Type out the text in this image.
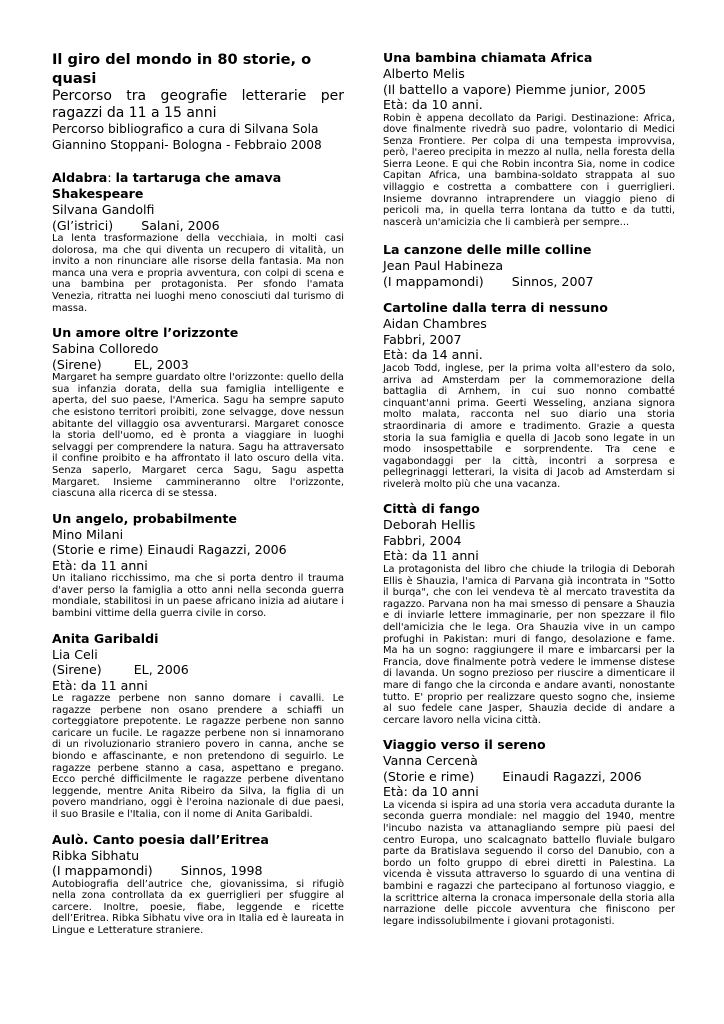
Il giro del mondo in 80 storie, o quasi

Percorso tra geografie letterarie per ragazzi da 11 a 15 anni

Percorso bibliografico a cura di Silvana Sola

Giannino Stoppani- Bologna - Febbraio 2008

Aldabra: la tartaruga che amava Shakespeare

Silvana Gandolfi

(Gl’istrici)       Salani, 2006

La lenta trasformazione della vecchiaia, in molti casi dolorosa, ma che qui diventa un recupero di vitalità, un invito a non rinunciare alle risorse della fantasia. Ma non manca una vera e propria avventura, con colpi di scena e una bambina per protagonista. Per sfondo l'amata Venezia, ritratta nei luoghi meno conosciuti dal turismo di massa.

Un amore oltre l’orizzonte

Sabina Colloredo

(Sirene)        EL, 2003

Margaret ha sempre guardato oltre l'orizzonte: quello della sua infanzia dorata, della sua famiglia intelligente e aperta, del suo paese, l'America. Sagu ha sempre saputo che esistono territori proibiti, zone selvagge, dove nessun abitante del villaggio osa avventurarsi. Margaret conosce la storia dell'uomo, ed è pronta a viaggiare in luoghi selvaggi per comprendere la natura. Sagu ha attraversato il confine proibito e ha affrontato il lato oscuro della vita. Senza saperlo, Margaret cerca Sagu, Sagu aspetta Margaret. Insieme cammineranno oltre l'orizzonte, ciascuna alla ricerca di se stessa.

Un angelo, probabilmente

Mino Milani

(Storie e rime) Einaudi Ragazzi, 2006

Età: da 11 anni

Un italiano ricchissimo, ma che si porta dentro il trauma d'aver perso la famiglia a otto anni nella seconda guerra mondiale, stabilitosi in un paese africano inizia ad aiutare i bambini vittime della guerra civile in corso.

Anita Garibaldi

Lia Celi

(Sirene)        EL, 2006

Età: da 11 anni

Le ragazze perbene non sanno domare i cavalli. Le ragazze perbene non osano prendere a schiaffi un corteggiatore prepotente. Le ragazze perbene non sanno caricare un fucile. Le ragazze perbene non si innamorano di un rivoluzionario straniero povero in canna, anche se biondo e affascinante, e non pretendono di seguirlo. Le ragazze perbene stanno a casa, aspettano e pregano. Ecco perché difficilmente le ragazze perbene diventano leggende, mentre Anita Ribeiro da Silva, la figlia di un povero mandriano, oggi è l'eroina nazionale di due paesi, il suo Brasile e l'Italia, con il nome di Anita Garibaldi.

Aulò. Canto poesia dall’Eritrea

Ribka Sibhatu

(I mappamondi)       Sinnos, 1998

Autobiografia dell’autrice che, giovanissima, si rifugiò nella zona controllata da ex guerriglieri per sfuggire al carcere. Inoltre, poesie, fiabe, leggende e ricette dell’Eritrea. Ribka Sibhatu vive ora in Italia ed è laureata in Lingue e Letterature straniere.

Una bambina chiamata Africa

Alberto Melis

(Il battello a vapore) Piemme junior, 2005

Età: da 10 anni.

Robin è appena decollato da Parigi. Destinazione: Africa, dove finalmente rivedrà suo padre, volontario di Medici Senza Frontiere. Per colpa di una tempesta improvvisa, però, l'aereo precipita in mezzo al nulla, nella foresta della Sierra Leone. E qui che Robin incontra Sia, nome in codice Capitan Africa, una bambina-soldato strappata al suo villaggio e costretta a combattere con i guerriglieri. Insieme dovranno intraprendere un viaggio pieno di pericoli ma, in quella terra lontana da tutto e da tutti, nascerà un'amicizia che li cambierà per sempre...

La canzone delle mille colline

Jean Paul Habineza

(I mappamondi)       Sinnos, 2007

Cartoline dalla terra di nessuno

Aidan Chambres

Fabbri, 2007

Età: da 14 anni.

Jacob Todd, inglese, per la prima volta all'estero da solo, arriva ad Amsterdam per la commemorazione della battaglia di Arnhem, in cui suo nonno combatté cinquant'anni prima. Geerti Wesseling, anziana signora molto malata, racconta nel suo diario una storia straordinaria di amore e tradimento. Grazie a questa storia la sua famiglia e quella di Jacob sono legate in un modo insospettabile e sorprendente. Tra cene e vagabondaggi per la città, incontri a sorpresa e pellegrinaggi letterari, la visita di Jacob ad Amsterdam si rivelerà molto più che una vacanza.

Città di fango

Deborah Hellis

Fabbri, 2004

Età: da 11 anni

La protagonista del libro che chiude la trilogia di Deborah Ellis è Shauzia, l'amica di Parvana già incontrata in "Sotto il burqa", che con lei vendeva tè al mercato travestita da ragazzo. Parvana non ha mai smesso di pensare a Shauzia e di inviarle lettere immaginarie, per non spezzare il filo dell'amicizia che le lega. Ora Shauzia vive in un campo profughi in Pakistan: muri di fango, desolazione e fame. Ma ha un sogno: raggiungere il mare e imbarcarsi per la Francia, dove finalmente potrà vedere le immense distese di lavanda. Un sogno prezioso per riuscire a dimenticare il mare di fango che la circonda e andare avanti, nonostante tutto. E' proprio per realizzare questo sogno che, insieme al suo fedele cane Jasper, Shauzia decide di andare a cercare lavoro nella vicina città.

Viaggio verso il sereno

Vanna Cercenà

(Storie e rime)       Einaudi Ragazzi, 2006

Età: da 10 anni

La vicenda si ispira ad una storia vera accaduta durante la seconda guerra mondiale: nel maggio del 1940, mentre l'incubo nazista va attanagliando sempre più paesi del centro Europa, uno scalcagnato battello fluviale bulgaro parte da Bratislava seguendo il corso del Danubio, con a bordo un folto gruppo di ebrei diretti in Palestina. La vicenda è vissuta attraverso lo sguardo di una ventina di bambini e ragazzi che partecipano al fortunoso viaggio, e la scrittrice alterna la cronaca impersonale della storia alla narrazione delle piccole avventura che finiscono per legare indissolubilmente i giovani protagonisti.
